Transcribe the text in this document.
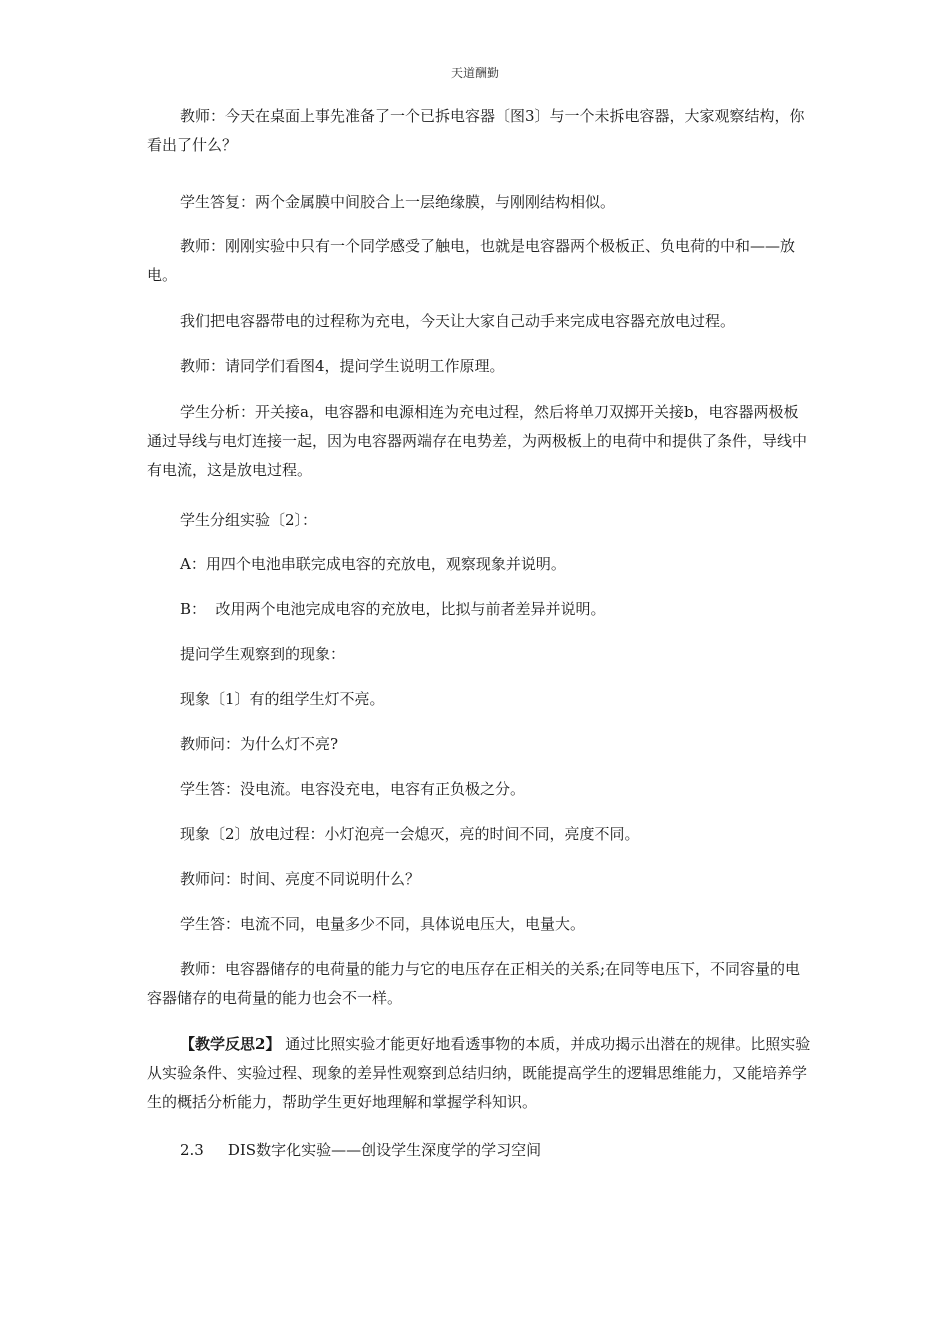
天道酬勤

教师：今天在桌面上事先准备了一个已拆电容器〔图3〕与一个未拆电容器，大家观察结构，你看出了什么？

学生答复：两个金属膜中间胶合上一层绝缘膜，与刚刚结构相似。

教师：刚刚实验中只有一个同学感受了触电，也就是电容器两个极板正、负电荷的中和——放电。

我们把电容器带电的过程称为充电，今天让大家自己动手来完成电容器充放电过程。

教师：请同学们看图4，提问学生说明工作原理。

学生分析：开关接a，电容器和电源相连为充电过程，然后将单刀双掷开关接b，电容器两极板通过导线与电灯连接一起，因为电容器两端存在电势差，为两极板上的电荷中和提供了条件，导线中有电流，这是放电过程。

学生分组实验〔2〕：

A：用四个电池串联完成电容的充放电，观察现象并说明。

B：  改用两个电池完成电容的充放电，比拟与前者差异并说明。

提问学生观察到的现象：

现象〔1〕有的组学生灯不亮。

教师问：为什么灯不亮?

学生答：没电流。电容没充电，电容有正负极之分。

现象〔2〕放电过程：小灯泡亮一会熄灭，亮的时间不同，亮度不同。

教师问：时间、亮度不同说明什么？

学生答：电流不同，电量多少不同，具体说电压大，电量大。

教师：电容器储存的电荷量的能力与它的电压存在正相关的关系;在同等电压下，不同容量的电容器储存的电荷量的能力也会不一样。

【教学反思2】 通过比照实验才能更好地看透事物的本质，并成功揭示出潜在的规律。比照实验从实验条件、实验过程、现象的差异性观察到总结归纳，既能提高学生的逻辑思维能力，又能培养学生的概括分析能力，帮助学生更好地理解和掌握学科知识。

2.3 DIS数字化实验——创设学生深度学的学习空间
